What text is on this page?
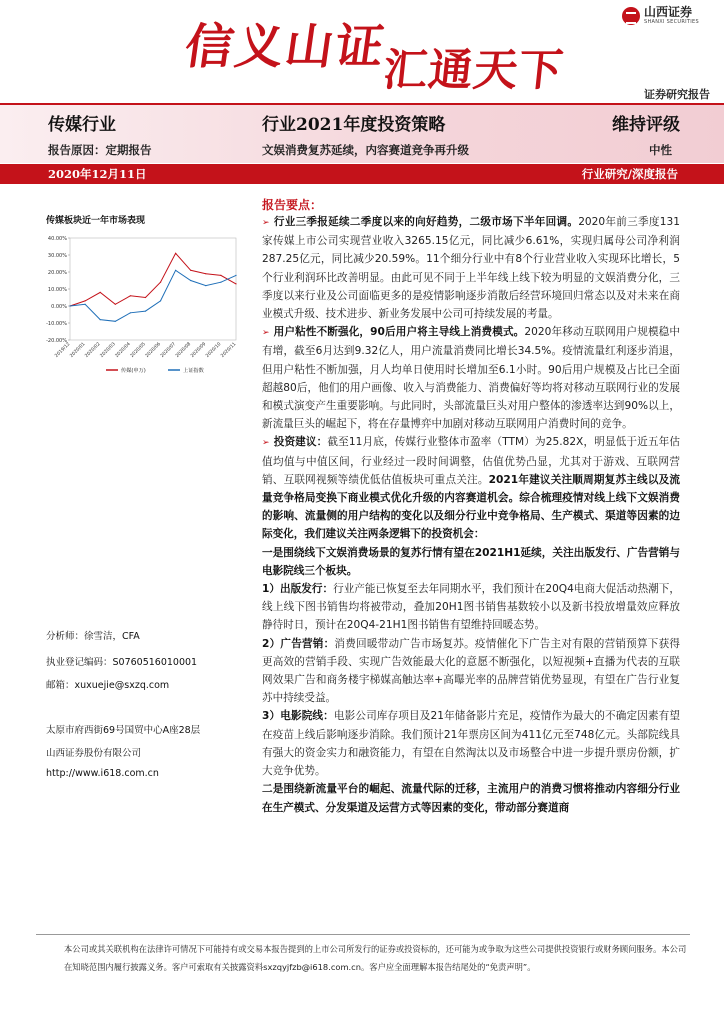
信义山证
汇通天下
山西证券
SHANXI SECURITIES
证券研究报告
传媒行业	行业2021年度投资策略	维持评级
报告原因：定期报告	文娱消费复苏延续，内容赛道竞争再升级	中性
2020年12月11日	行业研究/深度报告
传媒板块近一年市场表现
40.00%
30.00%
20.00%
10.00%
0.00%
-10.00%
-20.00%
2019/12
2020/01
2020/02
2020/03
2020/04
2020/05
2020/06
2020/07
2020/08
2020/09
2020/10
2020/11
传媒(申万)	上证指数
分析师：徐雪洁，CFA
执业登记编码：S0760516010001
邮箱：xuxuejie@sxzq.com
太原市府西街69号国贸中心A座28层
山西证券股份有限公司
http://www.i618.com.cn
报告要点：

➢ 行业三季报延续二季度以来的向好趋势，二级市场下半年回调。2020年前三季度131家传媒上市公司实现营业收入3265.15亿元，同比减少6.61%，实现归属母公司净利润287.25亿元，同比减少20.59%。11个细分行业中有8个行业营业收入实现环比增长，5个行业利润环比改善明显。由此可见不同于上半年线上线下较为明显的文娱消费分化，三季度以来行业及公司面临更多的是疫情影响逐步消散后经营环境回归常态以及对未来在商业模式升级、技术进步、新业务发展中公司可持续发展的考量。

➢ 用户粘性不断强化，90后用户将主导线上消费模式。2020年移动互联网用户规模稳中有增，截至6月达到9.32亿人，用户流量消费同比增长34.5%。疫情流量红利逐步消退，但用户粘性不断加强，月人均单日使用时长增加至6.1小时。90后用户规模及占比已全面超越80后，他们的用户画像、收入与消费能力、消费偏好等均将对移动互联网行业的发展和模式演变产生重要影响。与此同时，头部流量巨头对用户整体的渗透率达到90%以上，新流量巨头的崛起下，将在存量博弈中加剧对移动互联网用户消费时间的竞争。

➢ 投资建议：截至11月底，传媒行业整体市盈率（TTM）为25.82X，明显低于近五年估值均值与中值区间，行业经过一段时间调整，估值优势凸显，尤其对于游戏、互联网营销、互联网视频等绩优低估值板块可重点关注。2021年建议关注顺周期复苏主线以及流量竞争格局变换下商业模式优化升级的内容赛道机会。综合梳理疫情对线上线下文娱消费的影响、流量侧的用户结构的变化以及细分行业中竞争格局、生产模式、渠道等因素的边际变化，我们建议关注两条逻辑下的投资机会：

一是围绕线下文娱消费场景的复苏行情有望在2021H1延续，关注出版发行、广告营销与电影院线三个板块。

1）出版发行：行业产能已恢复至去年同期水平，我们预计在20Q4电商大促活动热潮下，线上线下图书销售均将被带动，叠加20H1图书销售基数较小以及新书投放增量效应释放静待时日，预计在20Q4-21H1图书销售有望维持回暖态势。

2）广告营销：消费回暖带动广告市场复苏。疫情催化下广告主对有限的营销预算下获得更高效的营销手段、实现广告效能最大化的意愿不断强化，以短视频+直播为代表的互联网效果广告和商务楼宇梯媒高触达率+高曝光率的品牌营销优势显现，有望在广告行业复苏中持续受益。

3）电影院线：电影公司库存项目及21年储备影片充足，疫情作为最大的不确定因素有望在疫苗上线后影响逐步消除。我们预计21年票房区间为411亿元至748亿元。头部院线具有强大的资金实力和融资能力，有望在自然淘汰以及市场整合中进一步提升票房份额，扩大竞争优势。

二是围绕新流量平台的崛起、流量代际的迁移，主流用户的消费习惯将推动内容细分行业在生产模式、分发渠道及运营方式等因素的变化，带动部分赛道商

本公司或其关联机构在法律许可情况下可能持有或交易本报告提到的上市公司所发行的证券或投资标的，还可能为或争取为这些公司提供投资银行或财务顾问服务。本公司在知晓范围内履行披露义务。客户可索取有关披露资料sxzqyjfzb@i618.com.cn。客户应全面理解本报告结尾处的“免责声明”。
